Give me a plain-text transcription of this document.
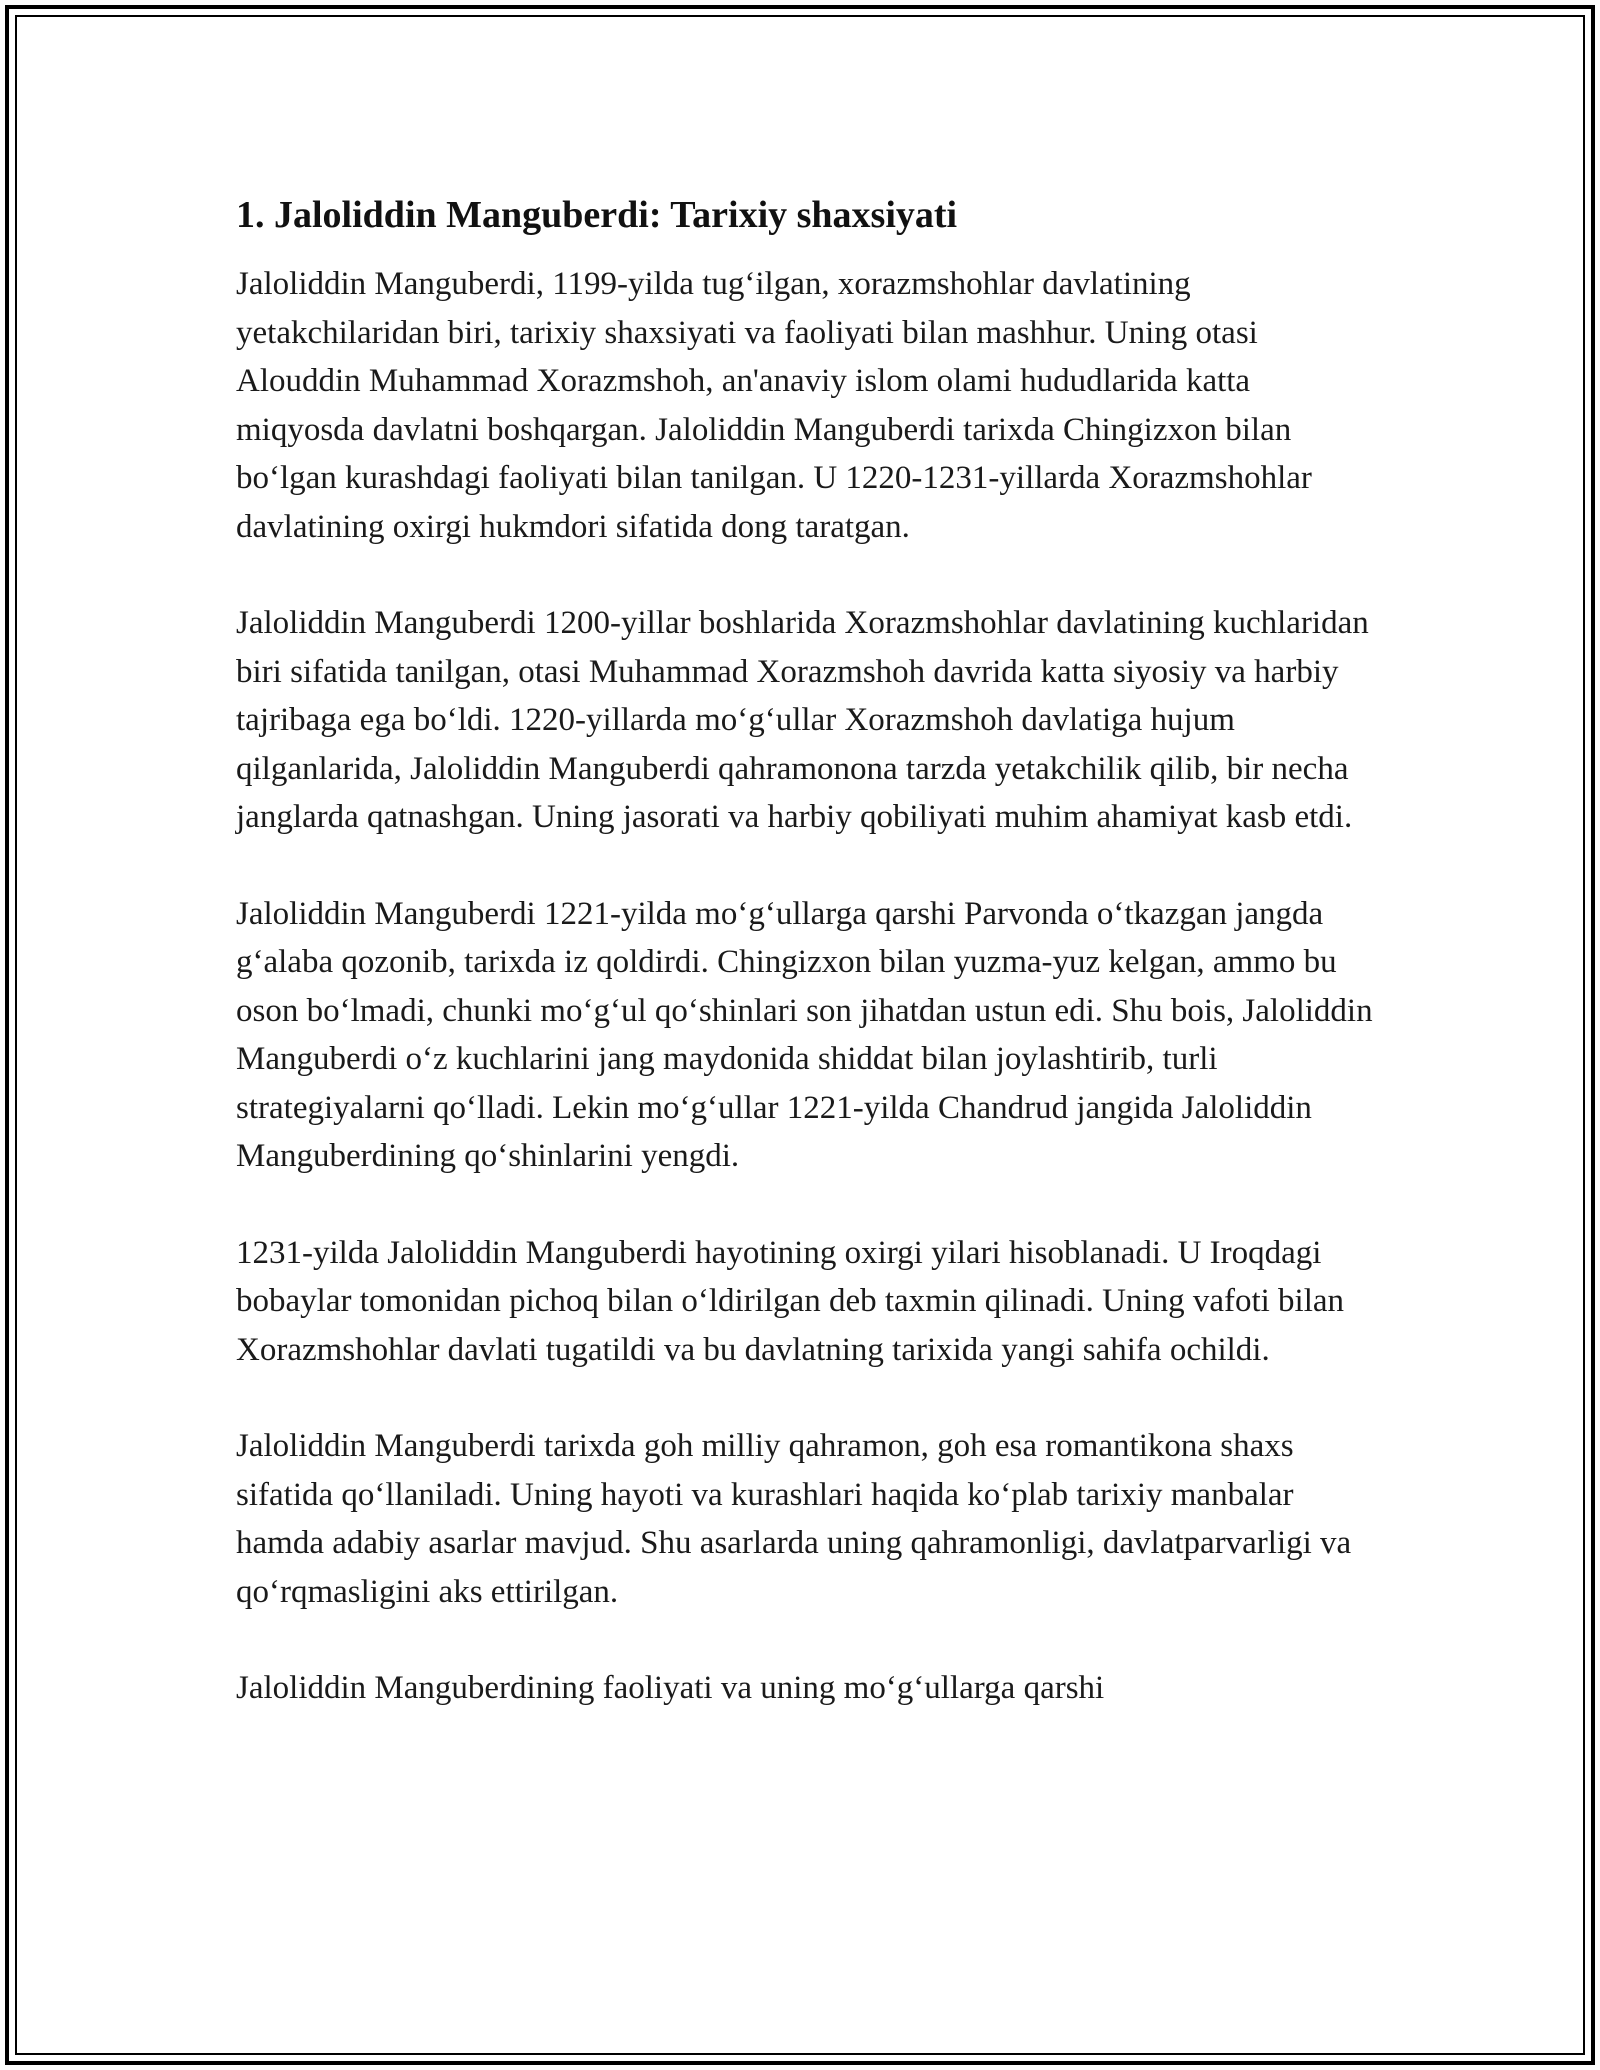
1. Jaloliddin Manguberdi: Tarixiy shaxsiyati

Jaloliddin Manguberdi, 1199-yilda tug‘ilgan, xorazmshohlar davlatining yetakchilaridan biri, tarixiy shaxsiyati va faoliyati bilan mashhur. Uning otasi Alouddin Muhammad Xorazmshoh, an'anaviy islom olami hududlarida katta miqyosda davlatni boshqargan. Jaloliddin Manguberdi tarixda Chingizxon bilan bo‘lgan kurashdagi faoliyati bilan tanilgan. U 1220-1231-yillarda Xorazmshohlar davlatining oxirgi hukmdori sifatida dong taratgan.

Jaloliddin Manguberdi 1200-yillar boshlarida Xorazmshohlar davlatining kuchlaridan biri sifatida tanilgan, otasi Muhammad Xorazmshoh davrida katta siyosiy va harbiy tajribaga ega bo‘ldi. 1220-yillarda mo‘g‘ullar Xorazmshoh davlatiga hujum qilganlarida, Jaloliddin Manguberdi qahramonona tarzda yetakchilik qilib, bir necha janglarda qatnashgan. Uning jasorati va harbiy qobiliyati muhim ahamiyat kasb etdi.

Jaloliddin Manguberdi 1221-yilda mo‘g‘ullarga qarshi Parvonda o‘tkazgan jangda g‘alaba qozonib, tarixda iz qoldirdi. Chingizxon bilan yuzma-yuz kelgan, ammo bu oson bo‘lmadi, chunki mo‘g‘ul qo‘shinlari son jihatdan ustun edi. Shu bois, Jaloliddin Manguberdi o‘z kuchlarini jang maydonida shiddat bilan joylashtirib, turli strategiyalarni qo‘lladi. Lekin mo‘g‘ullar 1221-yilda Chandrud jangida Jaloliddin Manguberdining qo‘shinlarini yengdi.

1231-yilda Jaloliddin Manguberdi hayotining oxirgi yilari hisoblanadi. U Iroqdagi bobaylar tomonidan pichoq bilan o‘ldirilgan deb taxmin qilinadi. Uning vafoti bilan Xorazmshohlar davlati tugatildi va bu davlatning tarixida yangi sahifa ochildi.

Jaloliddin Manguberdi tarixda goh milliy qahramon, goh esa romantikona shaxs sifatida qo‘llaniladi. Uning hayoti va kurashlari haqida ko‘plab tarixiy manbalar hamda adabiy asarlar mavjud. Shu asarlarda uning qahramonligi, davlatparvarligi va qo‘rqmasligini aks ettirilgan.

Jaloliddin Manguberdining faoliyati va uning mo‘g‘ullarga qarshi
